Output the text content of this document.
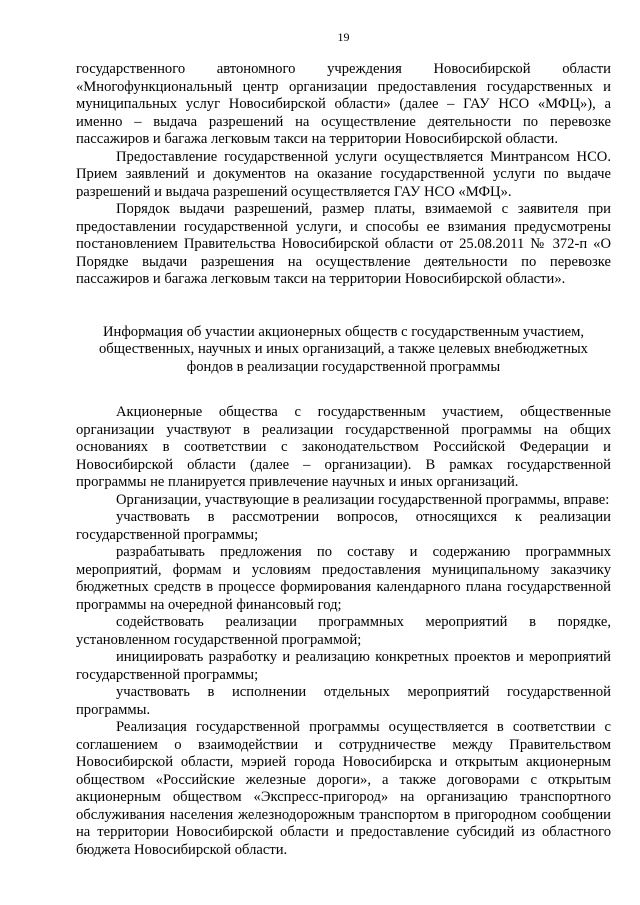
19

государственного автономного учреждения Новосибирской области «Многофункциональный центр организации предоставления государственных и муниципальных услуг Новосибирской области» (далее – ГАУ НСО «МФЦ»), а именно – выдача разрешений на осуществление деятельности по перевозке пассажиров и багажа легковым такси на территории Новосибирской области.

Предоставление государственной услуги осуществляется Минтрансом НСО. Прием заявлений и документов на оказание государственной услуги по выдаче разрешений и выдача разрешений осуществляется ГАУ НСО «МФЦ».

Порядок выдачи разрешений, размер платы, взимаемой с заявителя при предоставлении государственной услуги, и способы ее взимания предусмотрены постановлением Правительства Новосибирской области от 25.08.2011 № 372-п «О Порядке выдачи разрешения на осуществление деятельности по перевозке пассажиров и багажа легковым такси на территории Новосибирской области».

Информация об участии акционерных обществ с государственным участием, общественных, научных и иных организаций, а также целевых внебюджетных фондов в реализации государственной программы

Акционерные общества с государственным участием, общественные организации участвуют в реализации государственной программы на общих основаниях в соответствии с законодательством Российской Федерации и Новосибирской области (далее – организации). В рамках государственной программы не планируется привлечение научных и иных организаций.

Организации, участвующие в реализации государственной программы, вправе:

участвовать в рассмотрении вопросов, относящихся к реализации государственной программы;

разрабатывать предложения по составу и содержанию программных мероприятий, формам и условиям предоставления муниципальному заказчику бюджетных средств в процессе формирования календарного плана государственной программы на очередной финансовый год;

содействовать реализации программных мероприятий в порядке, установленном государственной программой;

инициировать разработку и реализацию конкретных проектов и мероприятий государственной программы;

участвовать в исполнении отдельных мероприятий государственной программы.

Реализация государственной программы осуществляется в соответствии с соглашением о взаимодействии и сотрудничестве между Правительством Новосибирской области, мэрией города Новосибирска и открытым акционерным обществом «Российские железные дороги», а также договорами с открытым акционерным обществом «Экспресс-пригород» на организацию транспортного обслуживания населения железнодорожным транспортом в пригородном сообщении на территории Новосибирской области и предоставление субсидий из областного бюджета Новосибирской области.
